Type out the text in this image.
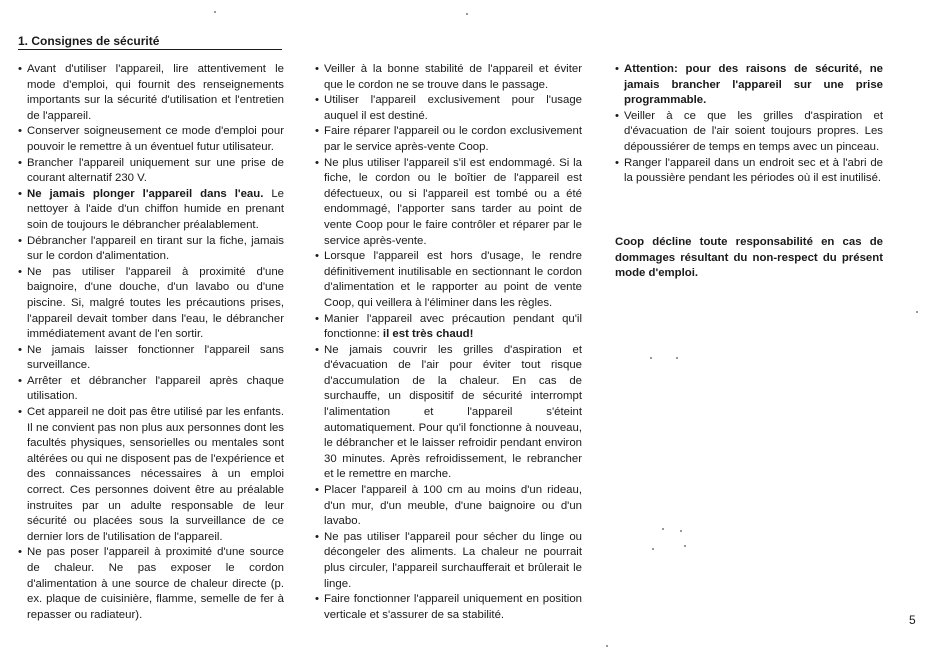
1. Consignes de sécurité
• Avant d'utiliser l'appareil, lire attentivement le mode d'emploi, qui fournit des renseignements importants sur la sécurité d'utilisation et l'entretien de l'appareil.
• Conserver soigneusement ce mode d'emploi pour pouvoir le remettre à un éventuel futur utilisateur.
• Brancher l'appareil uniquement sur une prise de courant alternatif 230 V.
• Ne jamais plonger l'appareil dans l'eau. Le nettoyer à l'aide d'un chiffon humide en prenant soin de toujours le débrancher préalablement.
• Débrancher l'appareil en tirant sur la fiche, jamais sur le cordon d'alimentation.
• Ne pas utiliser l'appareil à proximité d'une baignoire, d'une douche, d'un lavabo ou d'une piscine. Si, malgré toutes les précautions prises, l'appareil devait tomber dans l'eau, le débrancher immédiatement avant de l'en sortir.
• Ne jamais laisser fonctionner l'appareil sans surveillance.
• Arrêter et débrancher l'appareil après chaque utilisation.
• Cet appareil ne doit pas être utilisé par les enfants. Il ne convient pas non plus aux personnes dont les facultés physiques, sensorielles ou mentales sont altérées ou qui ne disposent pas de l'expérience et des connaissances nécessaires à un emploi correct. Ces personnes doivent être au préalable instruites par un adulte responsable de leur sécurité ou placées sous la surveillance de ce dernier lors de l'utilisation de l'appareil.
• Ne pas poser l'appareil à proximité d'une source de chaleur. Ne pas exposer le cordon d'alimentation à une source de chaleur directe (p. ex. plaque de cuisinière, flamme, semelle de fer à repasser ou radiateur).
• Veiller à la bonne stabilité de l'appareil et éviter que le cordon ne se trouve dans le passage.
• Utiliser l'appareil exclusivement pour l'usage auquel il est destiné.
• Faire réparer l'appareil ou le cordon exclusivement par le service après-vente Coop.
• Ne plus utiliser l'appareil s'il est endommagé. Si la fiche, le cordon ou le boîtier de l'appareil est défectueux, ou si l'appareil est tombé ou a été endommagé, l'apporter sans tarder au point de vente Coop pour le faire contrôler et réparer par le service après-vente.
• Lorsque l'appareil est hors d'usage, le rendre définitivement inutilisable en sectionnant le cordon d'alimentation et le rapporter au point de vente Coop, qui veillera à l'éliminer dans les règles.
• Manier l'appareil avec précaution pendant qu'il fonctionne: il est très chaud!
• Ne jamais couvrir les grilles d'aspiration et d'évacuation de l'air pour éviter tout risque d'accumulation de la chaleur. En cas de surchauffe, un dispositif de sécurité interrompt l'alimentation et l'appareil s'éteint automatiquement. Pour qu'il fonctionne à nouveau, le débrancher et le laisser refroidir pendant environ 30 minutes. Après refroidissement, le rebrancher et le remettre en marche.
• Placer l'appareil à 100 cm au moins d'un rideau, d'un mur, d'un meuble, d'une baignoire ou d'un lavabo.
• Ne pas utiliser l'appareil pour sécher du linge ou décongeler des aliments. La chaleur ne pourrait plus circuler, l'appareil surchaufferait et brûlerait le linge.
• Faire fonctionner l'appareil uniquement en position verticale et s'assurer de sa stabilité.
• Attention: pour des raisons de sécurité, ne jamais brancher l'appareil sur une prise programmable.
• Veiller à ce que les grilles d'aspiration et d'évacuation de l'air soient toujours propres. Les dépoussiérer de temps en temps avec un pinceau.
• Ranger l'appareil dans un endroit sec et à l'abri de la poussière pendant les périodes où il est inutilisé.
Coop décline toute responsabilité en cas de dommages résultant du non-respect du présent mode d'emploi.
5
